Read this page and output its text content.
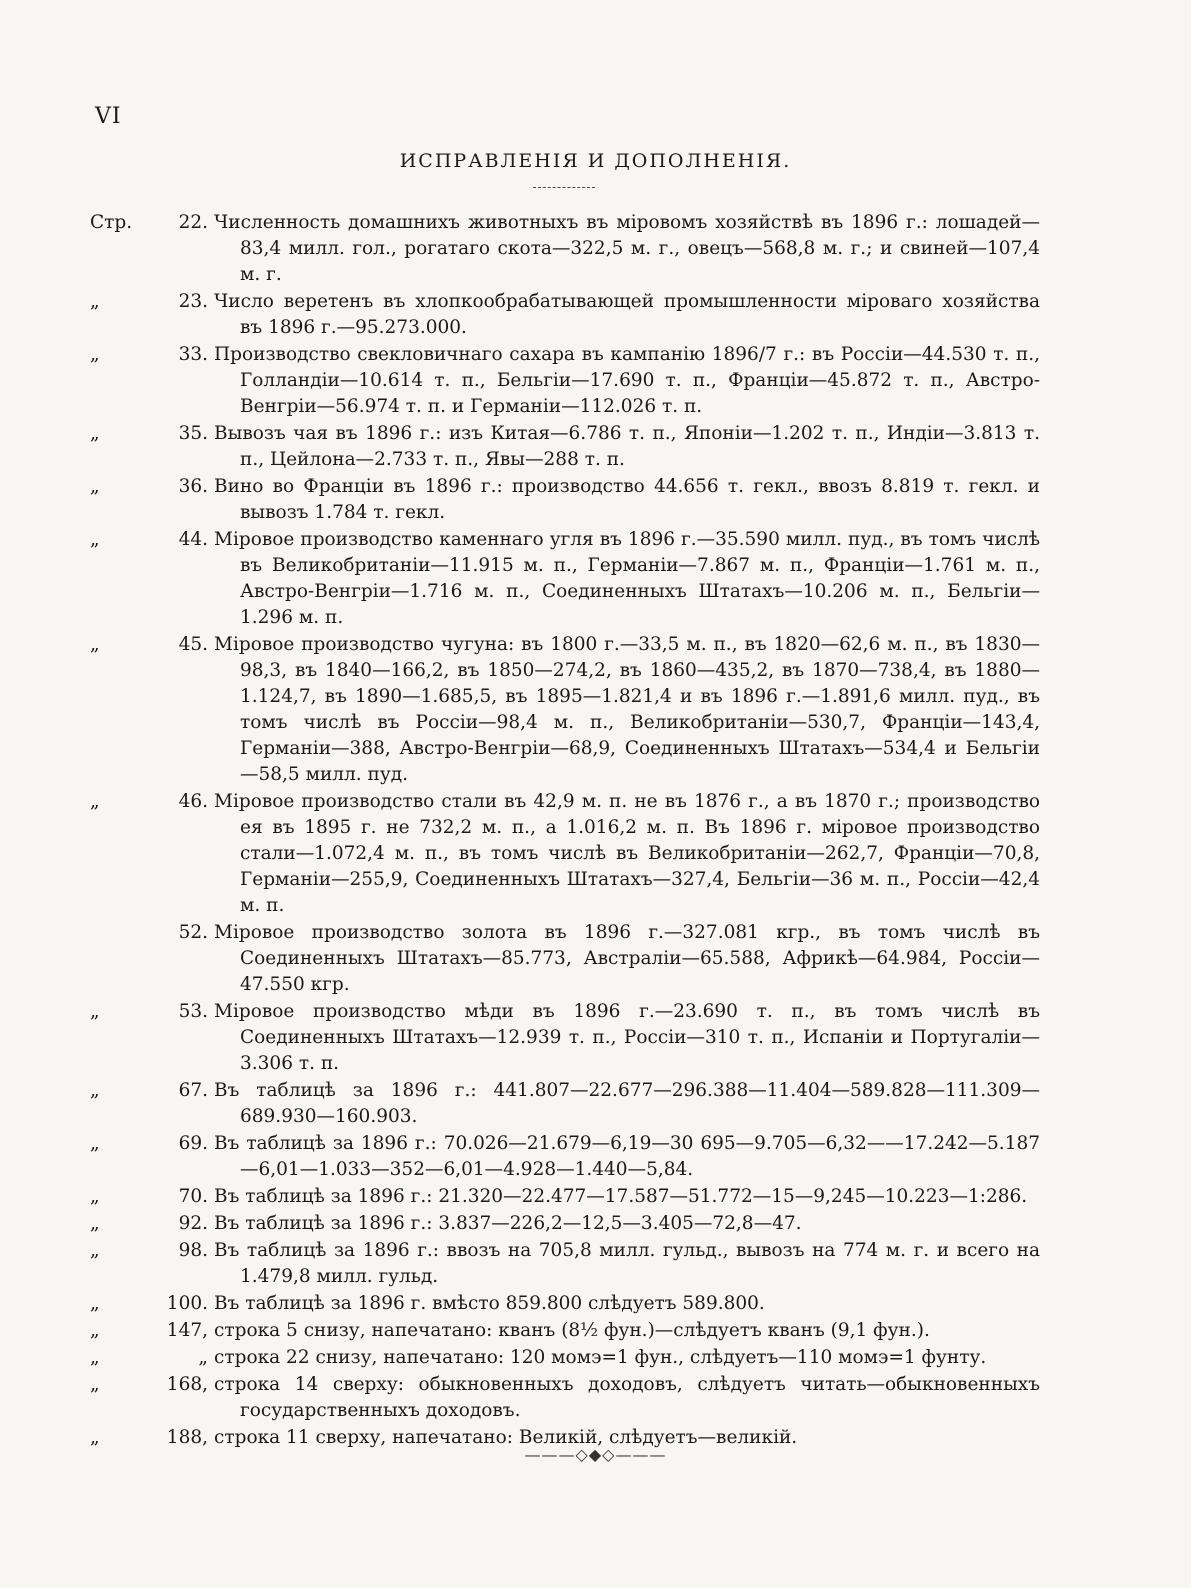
VI
ИСПРАВЛЕНІЯ И ДОПОЛНЕНІЯ.
Стр.	22. Численность домашнихъ животныхъ въ міровомъ хозяйствѣ въ 1896 г.: лошадей—83,4 милл. гол., рогатаго скота—322,5 м. г., овецъ—568,8 м. г.; и свиней—107,4 м. г.
„	23. Число веретенъ въ хлопкообрабатывающей промышленности міроваго хозяйства въ 1896 г.—95.273.000.
„	33. Производство свекловичнаго сахара въ кампанію 1896/7 г.: въ Россіи—44.530 т. п., Голландіи—10.614 т. п., Бельгіи—17.690 т. п., Франціи—45.872 т. п., Австро-Венгріи—56.974 т. п. и Германіи—112.026 т. п.
„	35. Вывозъ чая въ 1896 г.: изъ Китая—6.786 т. п., Японіи—1.202 т. п., Индіи—3.813 т. п., Цейлона—2.733 т. п., Явы—288 т. п.
„	36. Вино во Франціи въ 1896 г.: производство 44.656 т. гекл., ввозъ 8.819 т. гекл. и вывозъ 1.784 т. гекл.
„	44. Міровое производство каменнаго угля въ 1896 г.—35.590 милл. пуд., въ томъ числѣ въ Великобританіи—11.915 м. п., Германіи—7.867 м. п., Франціи—1.761 м. п., Австро-Венгріи—1.716 м. п., Соединенныхъ Штатахъ—10.206 м. п., Бельгіи—1.296 м. п.
„	45. Міровое производство чугуна: въ 1800 г.—33,5 м. п., въ 1820—62,6 м. п., въ 1830—98,3, въ 1840—166,2, въ 1850—274,2, въ 1860—435,2, въ 1870—738,4, въ 1880—1.124,7, въ 1890—1.685,5, въ 1895—1.821,4 и въ 1896 г.—1.891,6 милл. пуд., въ томъ числѣ въ Россіи—98,4 м. п., Великобританіи—530,7, Франціи—143,4, Германіи—388, Австро-Венгріи—68,9, Соединенныхъ Штатахъ—534,4 и Бельгіи—58,5 милл. пуд.
„	46. Міровое производство стали въ 42,9 м. п. не въ 1876 г., а въ 1870 г.; производство ея въ 1895 г. не 732,2 м. п., а 1.016,2 м. п. Въ 1896 г. міровое производство стали—1.072,4 м. п., въ томъ числѣ въ Великобританіи—262,7, Франціи—70,8, Германіи—255,9, Соединенныхъ Штатахъ—327,4, Бельгіи—36 м. п., Россіи—42,4 м. п.
52. Міровое производство золота въ 1896 г.—327.081 кгр., въ томъ числѣ въ Соединенныхъ Штатахъ—85.773, Австраліи—65.588, Африкѣ—64.984, Россіи—47.550 кгр.
„	53. Міровое производство мѣди въ 1896 г.—23.690 т. п., въ томъ числѣ въ Соединенныхъ Штатахъ—12.939 т. п., Россіи—310 т. п., Испаніи и Португаліи—3.306 т. п.
„	67. Въ таблицѣ за 1896 г.: 441.807—22.677—296.388—11.404—589.828—111.309—689.930—160.903.
„	69. Въ таблицѣ за 1896 г.: 70.026—21.679—6,19—30 695—9.705—6,32——17.242—5.187—6,01—1.033—352—6,01—4.928—1.440—5,84.
„	70. Въ таблицѣ за 1896 г.: 21.320—22.477—17.587—51.772—15—9,245—10.223—1:286.
„	92. Въ таблицѣ за 1896 г.: 3.837—226,2—12,5—3.405—72,8—47.
„	98. Въ таблицѣ за 1896 г.: ввозъ на 705,8 милл. гульд., вывозъ на 774 м. г. и всего на 1.479,8 милл. гульд.
„	100. Въ таблицѣ за 1896 г. вмѣсто 859.800 слѣдуетъ 589.800.
„	147, строка 5 снизу, напечатано: кванъ (8½ фун.)—слѣдуетъ кванъ (9,1 фун.).
„	„ строка 22 снизу, напечатано: 120 момэ=1 фун., слѣдуетъ—110 момэ=1 фунту.
„	168, строка 14 сверху: обыкновенныхъ доходовъ, слѣдуетъ читать—обыкновенныхъ государственныхъ доходовъ.
„	188, строка 11 сверху, напечатано: Великій, слѣдуетъ—великій.
———◇◆◇———
